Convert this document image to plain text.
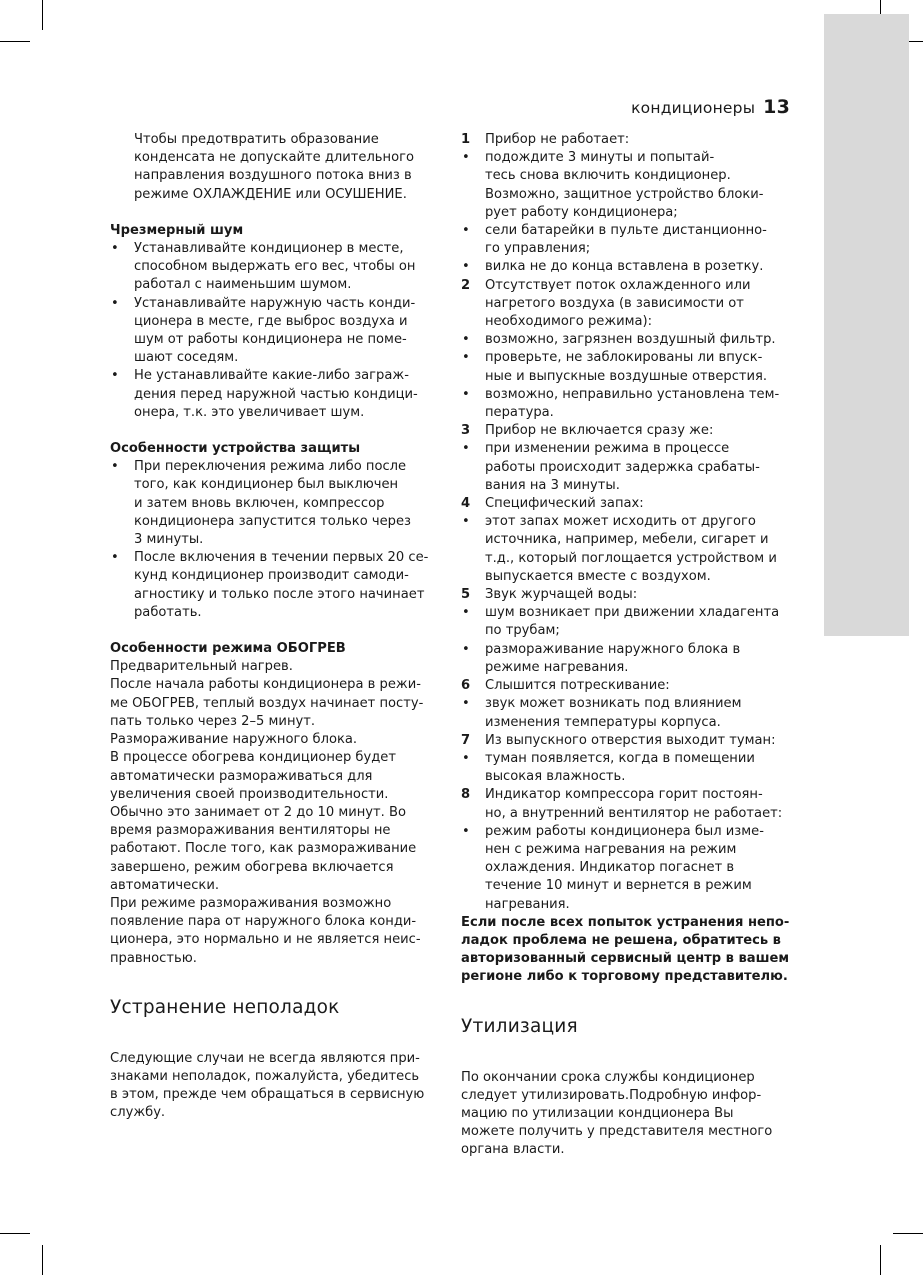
кондиционеры 13
Чтобы предотвратить образование
конденсата не допускайте длительного
направления воздушного потока вниз в
режиме ОХЛАЖДЕНИЕ или ОСУШЕНИЕ.
Чрезмерный шум
• Устанавливайте кондиционер в месте,
способном выдержать его вес, чтобы он
работал с наименьшим шумом.
• Устанавливайте наружную часть конди-
ционера в месте, где выброс воздуха и
шум от работы кондиционера не поме-
шают соседям.
• Не устанавливайте какие-либо заграж-
дения перед наружной частью кондици-
онера, т.к. это увеличивает шум.
Особенности устройства защиты
• При переключения режима либо после
того, как кондиционер был выключен
и затем вновь включен, компрессор
кондиционера запустится только через
3 минуты.
• После включения в течении первых 20 се-
кунд кондиционер производит самоди-
агностику и только после этого начинает
работать.
Особенности режима ОБОГРЕВ
Предварительный нагрев.
После начала работы кондиционера в режи-
ме ОБОГРЕВ, теплый воздух начинает посту-
пать только через 2–5 минут.
Размораживание наружного блока.
В процессе обогрева кондиционер будет
автоматически размораживаться для
увеличения своей производительности.
Обычно это занимает от 2 до 10 минут. Во
время размораживания вентиляторы не
работают. После того, как размораживание
завершено, режим обогрева включается
автоматически.
При режиме размораживания возможно
появление пара от наружного блока конди-
ционера, это нормально и не является неис-
правностью.
Устранение неполадок
Следующие случаи не всегда являются при-
знаками неполадок, пожалуйста, убедитесь
в этом, прежде чем обращаться в сервисную
службу.
1 Прибор не работает:
• подождите 3 минуты и попытай-
тесь снова включить кондиционер.
Возможно, защитное устройство блоки-
рует работу кондиционера;
• сели батарейки в пульте дистанционно-
го управления;
• вилка не до конца вставлена в розетку.
2 Отсутствует поток охлажденного или
нагретого воздуха (в зависимости от
необходимого режима):
• возможно, загрязнен воздушный фильтр.
• проверьте, не заблокированы ли впуск-
ные и выпускные воздушные отверстия.
• возможно, неправильно установлена тем-
пература.
3 Прибор не включается сразу же:
• при изменении режима в процессе
работы происходит задержка срабаты-
вания на 3 минуты.
4 Специфический запах:
• этот запах может исходить от другого
источника, например, мебели, сигарет и
т.д., который поглощается устройством и
выпускается вместе с воздухом.
5 Звук журчащей воды:
• шум возникает при движении хладагента
по трубам;
• размораживание наружного блока в
режиме нагревания.
6 Слышится потрескивание:
• звук может возникать под влиянием
изменения температуры корпуса.
7 Из выпускного отверстия выходит туман:
• туман появляется, когда в помещении
высокая влажность.
8 Индикатор компрессора горит постоян-
но, а внутренний вентилятор не работает:
• режим работы кондиционера был изме-
нен с режима нагревания на режим
охлаждения. Индикатор погаснет в
течение 10 минут и вернется в режим
нагревания.
Если после всех попыток устранения непо-
ладок проблема не решена, обратитесь в
авторизованный сервисный центр в вашем
регионе либо к торговому представителю.
Утилизация
По окончании срока службы кондиционер
следует утилизировать.Подробную инфор-
мацию по утилизации кондционера Вы
можете получить у представителя местного
органа власти.
